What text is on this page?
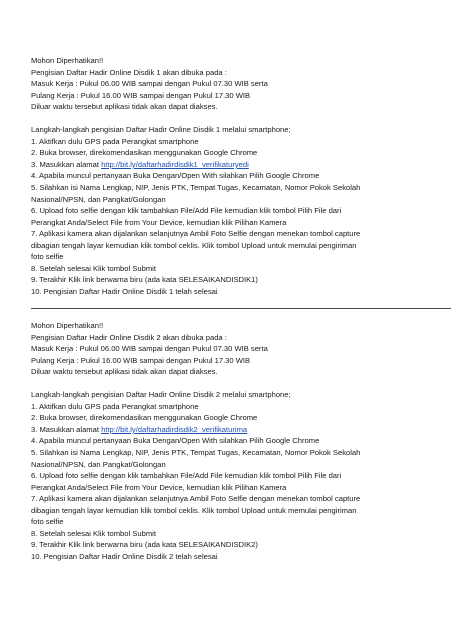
Mohon Diperhatikan!!
Pengisian Daftar Hadir Online Disdik 1 akan dibuka pada :
Masuk Kerja : Pukul 06.00 WIB sampai dengan Pukul 07.30 WIB serta
Pulang Kerja : Pukul 16.00 WIB sampai dengan Pukul 17.30 WIB
Diluar waktu tersebut aplikasi tidak akan dapat diakses.
Langkah-langkah pengisian Daftar Hadir Online Disdik 1 melalui smartphone;
1. Aktifkan dulu GPS pada Perangkat smartphone
2. Buka browser, direkomendasikan menggunakan Google Chrome
3. Masukkan alamat http://bit.ly/daftarhadirdisdik1_verifikaturyedi
4. Apabila muncul pertanyaan Buka Dengan/Open With silahkan Pilih Google Chrome
5. Silahkan isi Nama Lengkap, NIP, Jenis PTK, Tempat Tugas, Kecamatan, Nomor Pokok Sekolah
Nasional/NPSN, dan Pangkat/Golongan
6. Upload foto selfie dengan klik tambahkan File/Add File kemudian klik tombol Pilih File dari
Perangkat Anda/Select File from Your Device, kemudian klik Pilihan Kamera
7. Aplikasi kamera akan dijalankan selanjutnya Ambil Foto Selfie dengan menekan tombol capture
dibagian tengah layar kemudian klik tombol ceklis. Klik tombol Upload untuk memulai pengiriman
foto selfie
8. Setelah selesai Klik tombol Submit
9. Terakhir Klik link berwarna biru (ada kata SELESAIKANDISDIK1)
10. Pengisian Daftar Hadir Online Disdik 1 telah selesai
Mohon Diperhatikan!!
Pengisian Daftar Hadir Online Disdik 2 akan dibuka pada :
Masuk Kerja : Pukul 06.00 WIB sampai dengan Pukul 07.30 WIB serta
Pulang Kerja : Pukul 16.00 WIB sampai dengan Pukul 17.30 WIB
Diluar waktu tersebut aplikasi tidak akan dapat diakses.
Langkah-langkah pengisian Daftar Hadir Online Disdik 2 melalui smartphone;
1. Aktifkan dulu GPS pada Perangkat smartphone
2. Buka browser, direkomendasikan menggunakan Google Chrome
3. Masukkan alamat http://bit.ly/daftarhadirdisdik2_verifikaturima
4. Apabila muncul pertanyaan Buka Dengan/Open With silahkan Pilih Google Chrome
5. Silahkan isi Nama Lengkap, NIP, Jenis PTK, Tempat Tugas, Kecamatan, Nomor Pokok Sekolah
Nasional/NPSN, dan Pangkat/Golongan
6. Upload foto selfie dengan klik tambahkan File/Add File kemudian klik tombol Pilih File dari
Perangkat Anda/Select File from Your Device, kemudian klik Pilihan Kamera
7. Aplikasi kamera akan dijalankan selanjutnya Ambil Foto Selfie dengan menekan tombol capture
dibagian tengah layar kemudian klik tombol ceklis. Klik tombol Upload untuk memulai pengiriman
foto selfie
8. Setelah selesai Klik tombol Submit
9. Terakhir Klik link berwarna biru (ada kata SELESAIKANDISDIK2)
10. Pengisian Daftar Hadir Online Disdik 2 telah selesai
